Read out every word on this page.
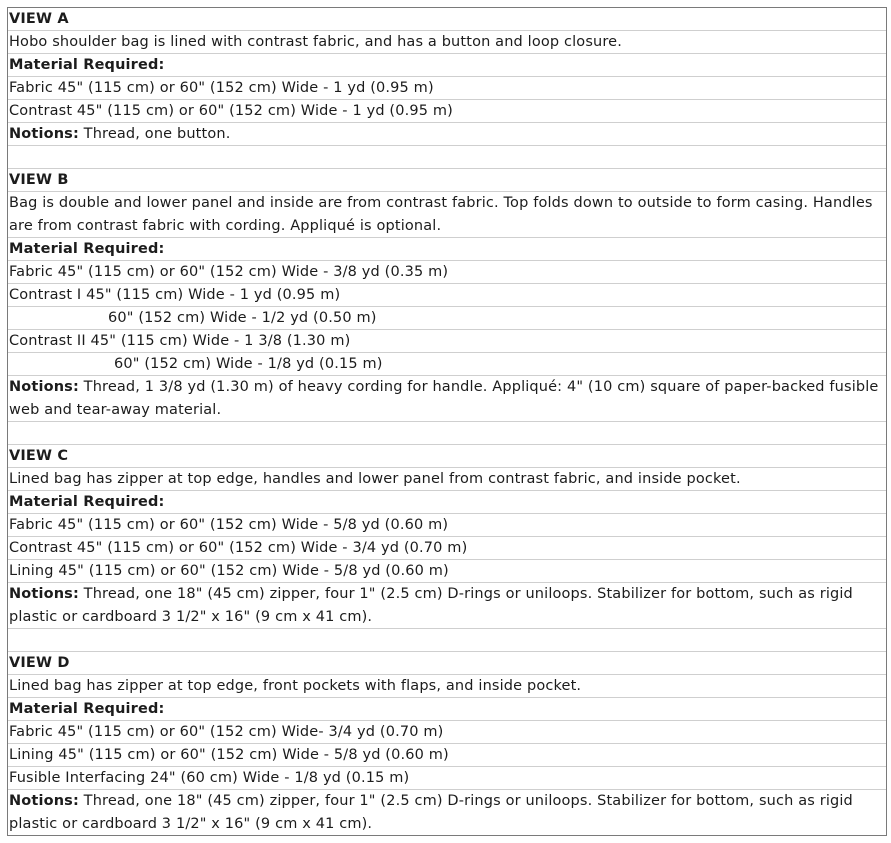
VIEW A
Hobo shoulder bag is lined with contrast fabric, and has a button and loop closure.
Material Required:
Fabric 45" (115 cm) or 60" (152 cm) Wide - 1 yd (0.95 m)
Contrast 45" (115 cm) or 60" (152 cm) Wide - 1 yd (0.95 m)
Notions: Thread, one button.
VIEW B
Bag is double and lower panel and inside are from contrast fabric. Top folds down to outside to form casing. Handles are from contrast fabric with cording. Appliqué is optional.
Material Required:
Fabric 45" (115 cm) or 60" (152 cm) Wide - 3/8 yd (0.35 m)
Contrast I 45" (115 cm) Wide - 1 yd (0.95 m)
60" (152 cm) Wide - 1/2 yd (0.50 m)
Contrast II 45" (115 cm) Wide - 1 3/8 (1.30 m)
60" (152 cm) Wide - 1/8 yd (0.15 m)
Notions: Thread, 1 3/8 yd (1.30 m) of heavy cording for handle. Appliqué: 4" (10 cm) square of paper-backed fusible web and tear-away material.
VIEW C
Lined bag has zipper at top edge, handles and lower panel from contrast fabric, and inside pocket.
Material Required:
Fabric 45" (115 cm) or 60" (152 cm) Wide - 5/8 yd (0.60 m)
Contrast 45" (115 cm) or 60" (152 cm) Wide - 3/4 yd (0.70 m)
Lining 45" (115 cm) or 60" (152 cm) Wide - 5/8 yd (0.60 m)
Notions: Thread, one 18" (45 cm) zipper, four 1" (2.5 cm) D-rings or uniloops. Stabilizer for bottom, such as rigid plastic or cardboard 3 1/2" x 16" (9 cm x 41 cm).
VIEW D
Lined bag has zipper at top edge, front pockets with flaps, and inside pocket.
Material Required:
Fabric 45" (115 cm) or 60" (152 cm) Wide- 3/4 yd (0.70 m)
Lining 45" (115 cm) or 60" (152 cm) Wide - 5/8 yd (0.60 m)
Fusible Interfacing 24" (60 cm) Wide - 1/8 yd (0.15 m)
Notions: Thread, one 18" (45 cm) zipper, four 1" (2.5 cm) D-rings or uniloops. Stabilizer for bottom, such as rigid plastic or cardboard 3 1/2" x 16" (9 cm x 41 cm).
